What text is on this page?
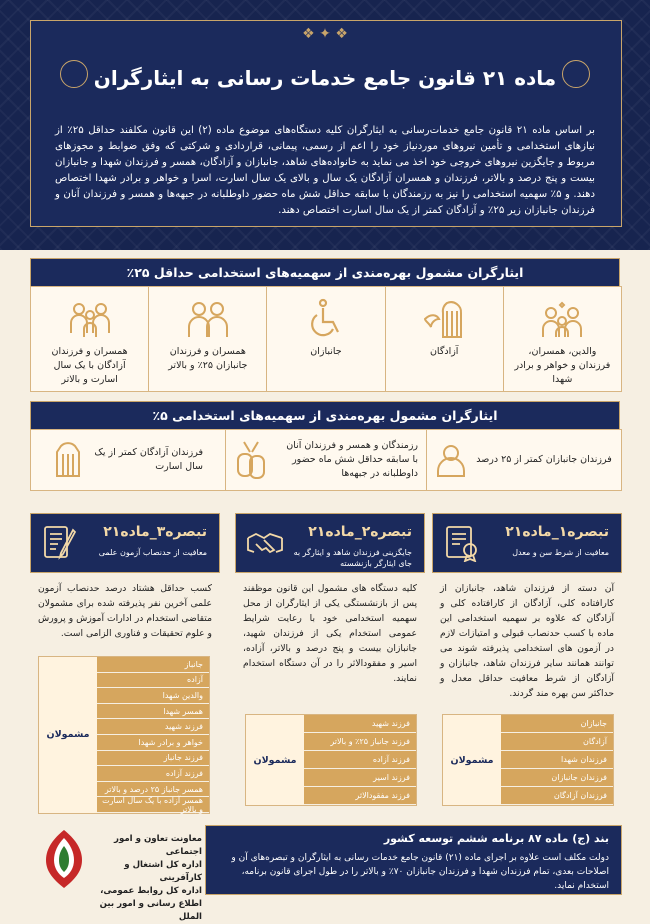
❖ ✦ ❖
ماده ۲۱ قانون جامع خدمات رسانی به ایثارگران
بر اساس ماده ۲۱ قانون جامع خدمات‌رسانی به ایثارگران کلیه دستگاه‌های موضوع ماده (۲) این قانون مکلفند حداقل ۲۵٪ از نیازهای استخدامی و تأمین نیروهای موردنیاز خود را اعم از رسمی، پیمانی، قراردادی و شرکتی که وفق ضوابط و مجوزهای مربوط و جایگزین نیروهای خروجی خود اخذ می نماید به خانواده‌های شاهد، جانبازان و آزادگان، همسر و فرزندان شهدا و جانبازان بیست و پنج درصد و بالاتر، فرزندان و همسران آزادگان یک سال و بالای یک سال اسارت، اسرا و خواهر و برادر شهدا اختصاص دهند. و ۵٪ سهمیه استخدامی را نیز به رزمندگان با سابقه حداقل شش ماه حضور داوطلبانه در جبهه‌ها و همسر و فرزندان آنان و فرزندان جانبازان زیر ۲۵٪ و آزادگان کمتر از یک سال اسارت اختصاص دهند.
ایثارگران مشمول بهره‌مندی از سهمیه‌های استخدامی حداقل ۲۵٪
والدین، همسران، فرزندان و خواهر و برادر شهدا
آزادگان
جانبازان
همسران و فرزندان جانبازان ۲۵٪ و بالاتر
همسران و فرزندان آزادگان با یک سال اسارت و بالاتر
ایثارگران مشمول بهره‌مندی از سهمیه‌های استخدامی ۵٪
فرزندان جانبازان کمتر از ۲۵ درصد
رزمندگان و همسر و فرزندان آنان با سابقه حداقل شش ماه حضور داوطلبانه در جبهه‌ها
فرزندان آزادگان کمتر از یک سال اسارت
تبصره۱_ماده۲۱
معافیت از شرط سن و معدل
آن دسته از فرزندان شاهد، جانبازان از کارافتاده کلی، آزادگان از کارافتاده کلی و آزادگان که علاوه بر سهمیه استخدامی این ماده با کسب حدنصاب قبولی و امتیازات لازم در آزمون های استخدامی پذیرفته شوند می توانند همانند سایر فرزندان شاهد، جانبازان و آزادگان از شرط معافیت حداقل معدل و حداکثر سن بهره مند گردند.
تبصره۲_ماده۲۱
جایگزینی فرزندان شاهد و ایثارگر به جای ایثارگر بازنشسته
کلیه دستگاه های مشمول این قانون موظفند پس از بازنشستگی یکی از ایثارگران از محل سهمیه استخدامی خود با رعایت شرایط عمومی استخدام یکی از فرزندان شهید، جانبازان بیست و پنج درصد و بالاتر، آزاده، اسیر و مفقودالاثر را در آن دستگاه استخدام نمایند.
تبصره۳_ماده۲۱
معافیت از حدنصاب آزمون علمی
کسب حداقل هشتاد درصد حدنصاب آزمون علمی آخرین نفر پذیرفته شده برای مشمولان متقاضی استخدام در ادارات آموزش و پرورش و علوم تحقیقات و فناوری الزامی است.
جانبازان
آزادگان
فرزندان شهدا
فرزندان جانبازان
فرزندان آزادگان
مشمولان
فرزند شهید
فرزند جانباز ۲۵٪ و بالاتر
فرزند آزاده
فرزند اسیر
فرزند مفقودالاثر
مشمولان
جانباز
آزاده
والدین شهدا
همسر شهدا
فرزند شهید
خواهر و برادر شهدا
فرزند جانباز
فرزند آزاده
همسر جانباز ۲۵ درصد و بالاتر
همسر آزاده با یک سال اسارت و بالاتر
مشمولان
بند (ج) ماده ۸۷ برنامه ششم توسعه کشور
دولت مکلف است علاوه بر اجرای ماده (۲۱) قانون جامع خدمات رسانی به ایثارگران و تبصره‌های آن و اصلاحات بعدی، تمام فرزندان شهدا و فرزندان جانبازان ۷۰٪ و بالاتر را در طول اجرای قانون برنامه، استخدام نماید.
معاونت تعاون و امور اجتماعی
اداره کل اشتغال و کارآفرینی
اداره کل روابط عمومی،
اطلاع رسانی و امور بین الملل
